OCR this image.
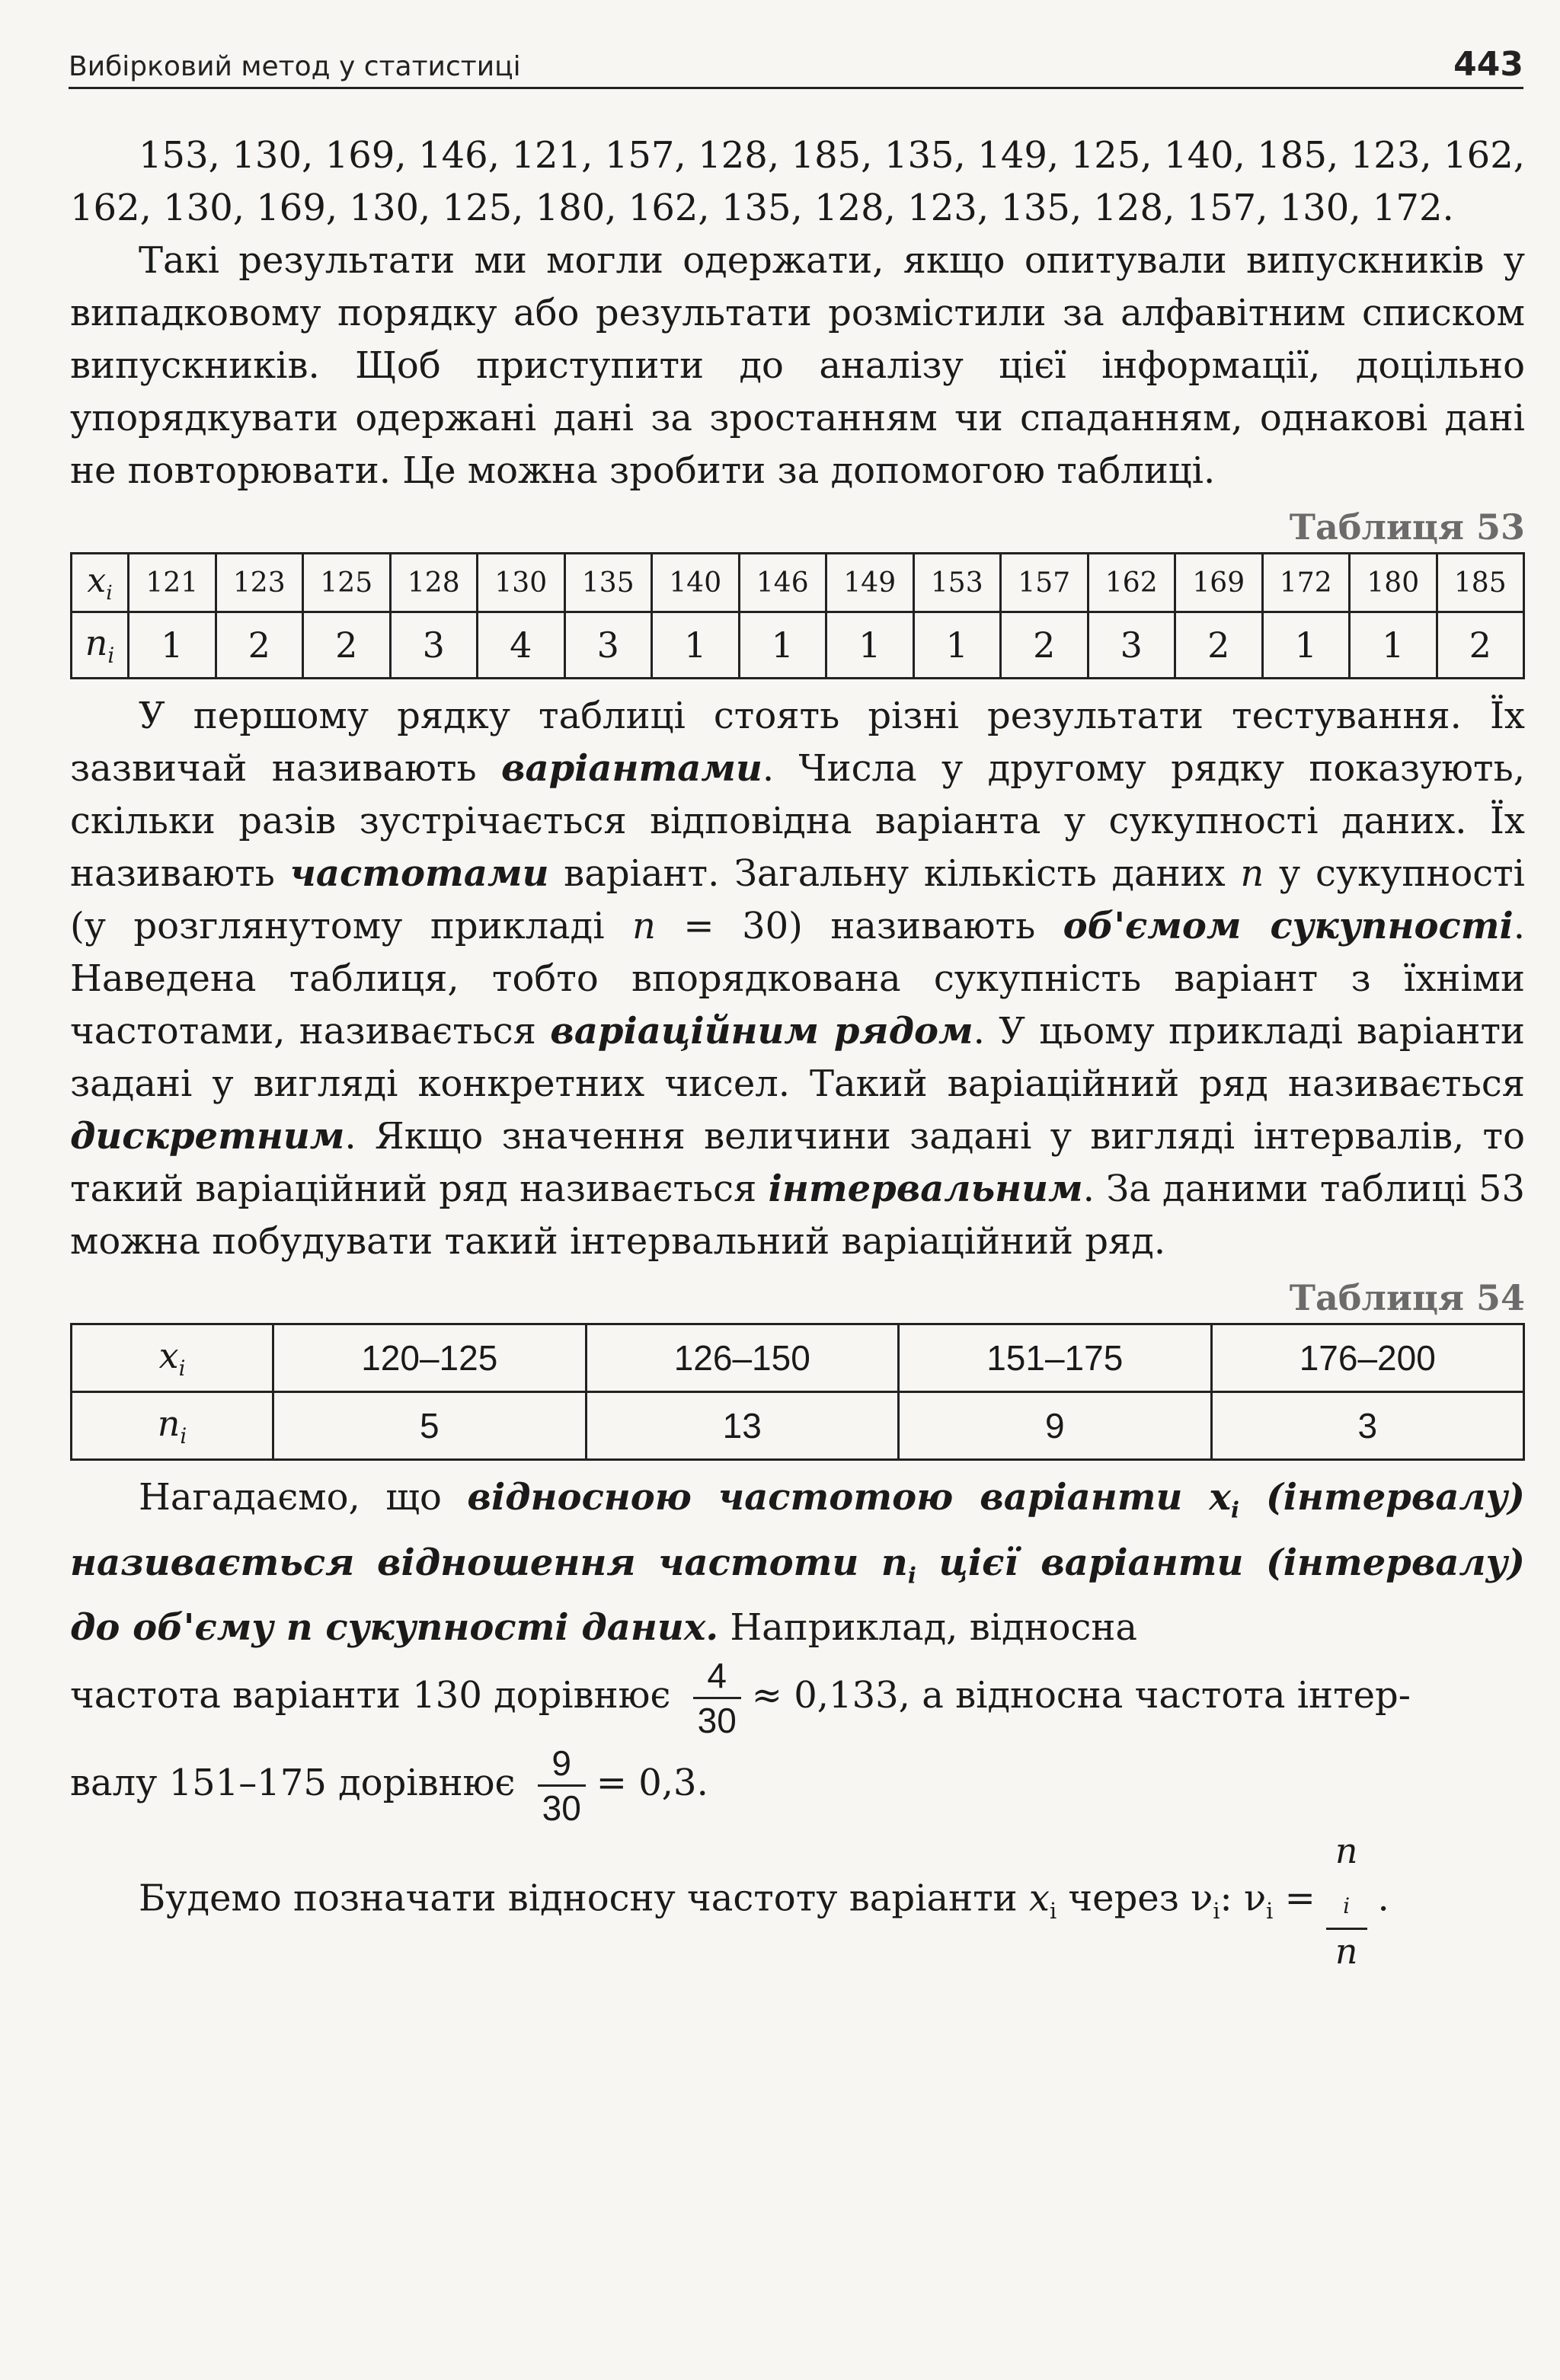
Вибірковий метод у статистиці	443

153, 130, 169, 146, 121, 157, 128, 185, 135, 149, 125, 140, 185, 123, 162, 162, 130, 169, 130, 125, 180, 162, 135, 128, 123, 135, 128, 157, 130, 172.

Такі результати ми могли одержати, якщо опитували випускників у випадковому порядку або результати розмістили за алфавітним списком випускників. Щоб приступити до аналізу цієї інформації, доцільно упорядкувати одержані дані за зростанням чи спаданням, однакові дані не повторювати. Це можна зробити за допомогою таблиці.

Таблиця 53
$x_i$	121	123	125	128	130	135	140	146	149	153	157	162	169	172	180	185
$n_i$	1	2	2	3	4	3	1	1	1	1	2	3	2	1	1	2

У першому рядку таблиці стоять різні результати тестування. Їх зазвичай називають варіантами. Числа у другому рядку показують, скільки разів зустрічається відповідна варіанта у сукупності даних. Їх називають частотами варіант. Загальну кількість даних n у сукупності (у розглянутому прикладі n = 30) називають об'ємом сукупності. Наведена таблиця, тобто впорядкована сукупність варіант з їхніми частотами, називається варіаційним рядом. У цьому прикладі варіанти задані у вигляді конкретних чисел. Такий варіаційний ряд називається дискретним. Якщо значення величини задані у вигляді інтервалів, то такий варіаційний ряд називається інтервальним. За даними таблиці 53 можна побудувати такий інтервальний варіаційний ряд.

Таблиця 54
$x_i$	120–125	126–150	151–175	176–200
$n_i$	5	13	9	3

Нагадаємо, що відносною частотою варіанти $x_i$ (інтервалу) називається відношення частоти $n_i$ цієї варіанти (інтервалу) до об'єму n сукупності даних. Наприклад, відносна

частота варіанти 130 дорівнює $\frac{4}{30} \approx 0,133$, а відносна частота інтер-
валу 151–175 дорівнює $\frac{9}{30} = 0,3$.
Будемо позначати відносну частоту варіанти $x_i$ через $\nu_i$: $\nu_i = n$
$_i$
n .
